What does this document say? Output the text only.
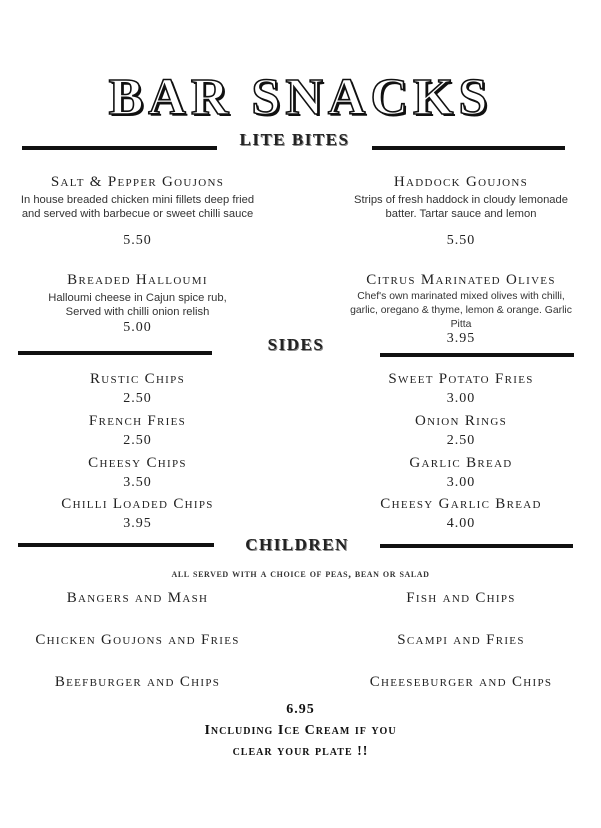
BAR SNACKS
LITE BITES
Salt & Pepper Goujons
In house breaded chicken mini fillets deep fried and served with barbecue or sweet chilli sauce
5.50
Haddock Goujons
Strips of fresh haddock in cloudy lemonade batter. Tartar sauce and lemon
5.50
Breaded Halloumi
Halloumi cheese in Cajun spice rub, Served with chilli onion relish
5.00
Citrus Marinated Olives
Chef's own marinated mixed olives with chilli, garlic, oregano & thyme, lemon & orange. Garlic Pitta
3.95
SIDES
Rustic Chips
2.50
Sweet Potato Fries
3.00
French Fries
2.50
Onion Rings
2.50
Cheesy Chips
3.50
Garlic Bread
3.00
Chilli Loaded Chips
3.95
Cheesy Garlic Bread
4.00
CHILDREN
all served with a choice of peas, bean or salad
Bangers and Mash	Fish and Chips
Chicken Goujons and Fries	Scampi and Fries
Beefburger and Chips	Cheeseburger and Chips
6.95
Including Ice Cream if you
clear your plate !!
